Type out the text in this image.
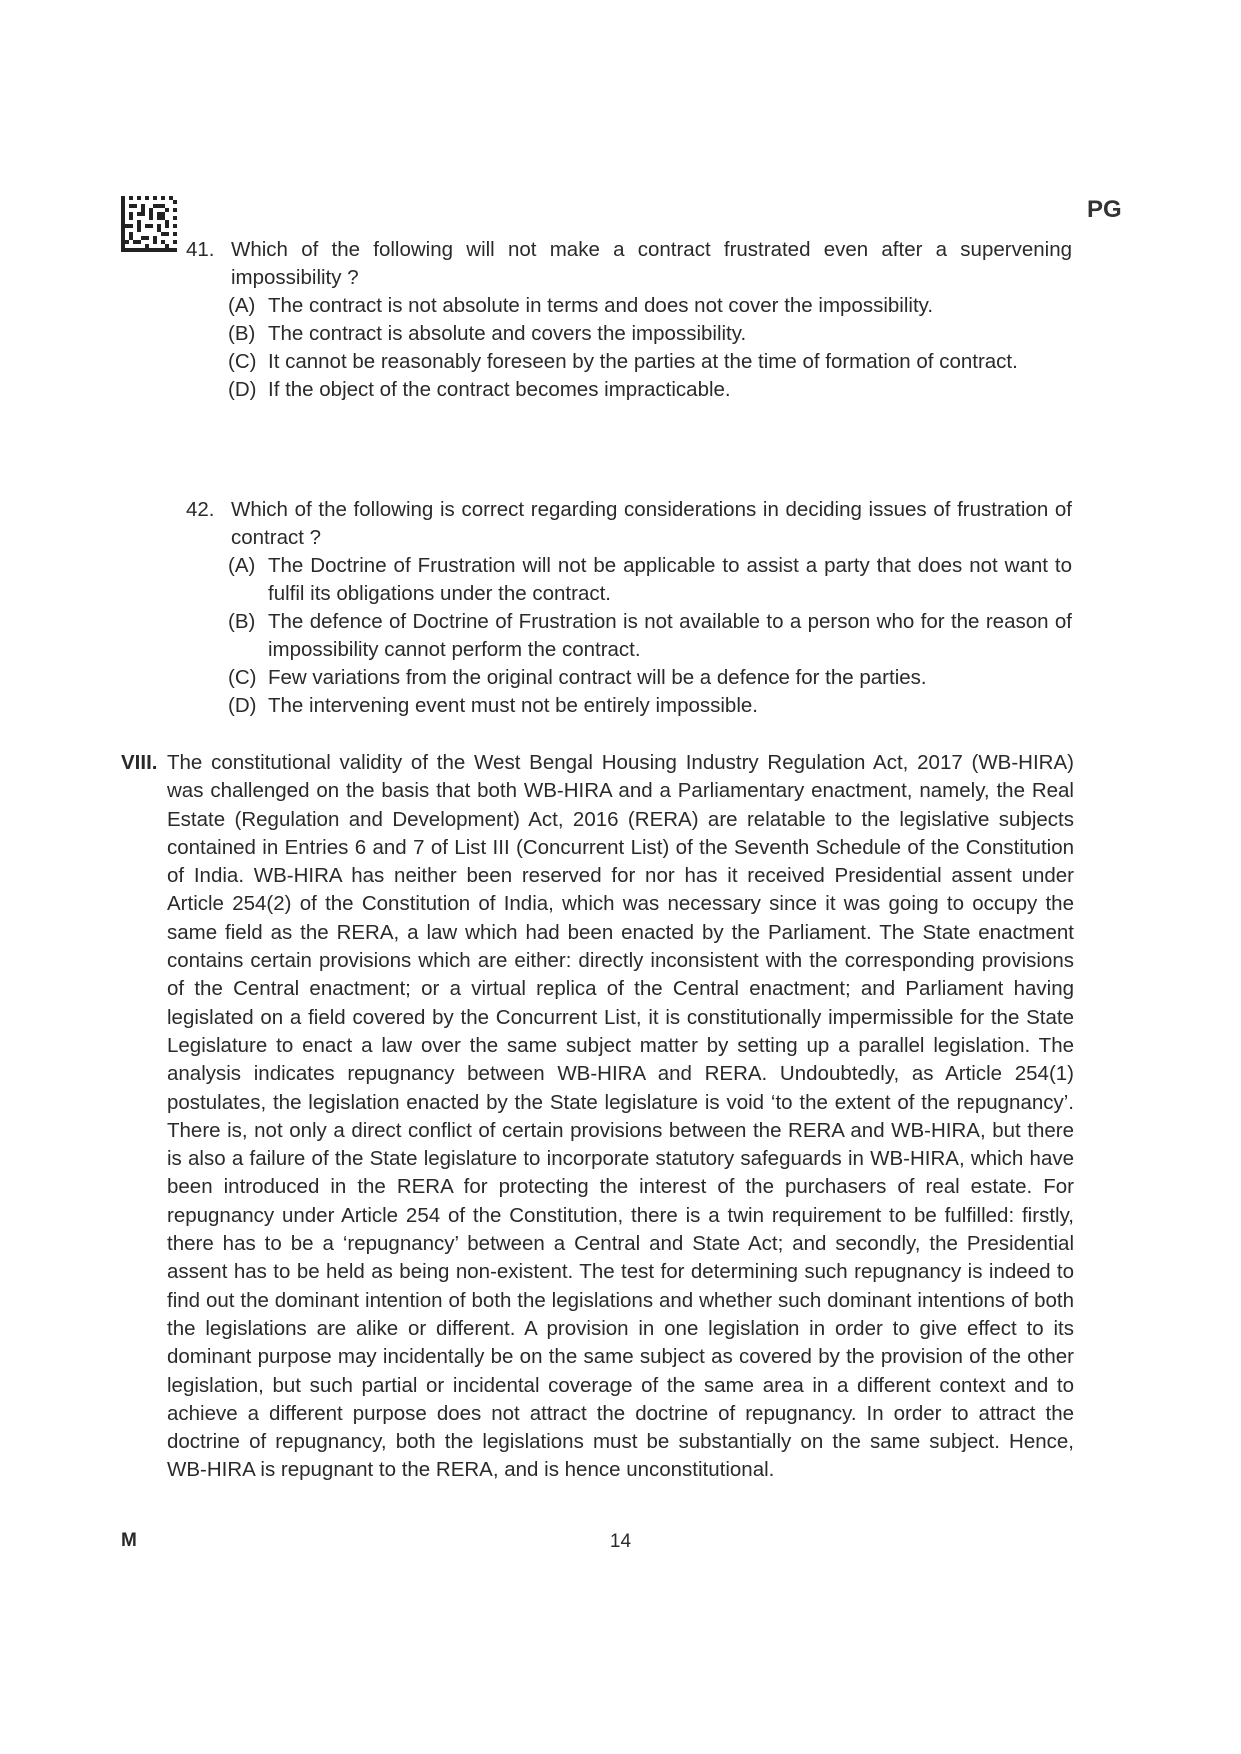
PG
41. Which of the following will not make a contract frustrated even after a supervening impossibility ?
(A) The contract is not absolute in terms and does not cover the impossibility.
(B) The contract is absolute and covers the impossibility.
(C) It cannot be reasonably foreseen by the parties at the time of formation of contract.
(D) If the object of the contract becomes impracticable.
42. Which of the following is correct regarding considerations in deciding issues of frustration of contract ?
(A) The Doctrine of Frustration will not be applicable to assist a party that does not want to fulfil its obligations under the contract.
(B) The defence of Doctrine of Frustration is not available to a person who for the reason of impossibility cannot perform the contract.
(C) Few variations from the original contract will be a defence for the parties.
(D) The intervening event must not be entirely impossible.
VIII. The constitutional validity of the West Bengal Housing Industry Regulation Act, 2017 (WB-HIRA) was challenged on the basis that both WB-HIRA and a Parliamentary enactment, namely, the Real Estate (Regulation and Development) Act, 2016 (RERA) are relatable to the legislative subjects contained in Entries 6 and 7 of List III (Concurrent List) of the Seventh Schedule of the Constitution of India. WB-HIRA has neither been reserved for nor has it received Presidential assent under Article 254(2) of the Constitution of India, which was necessary since it was going to occupy the same field as the RERA, a law which had been enacted by the Parliament. The State enactment contains certain provisions which are either: directly inconsistent with the corresponding provisions of the Central enactment; or a virtual replica of the Central enactment; and Parliament having legislated on a field covered by the Concurrent List, it is constitutionally impermissible for the State Legislature to enact a law over the same subject matter by setting up a parallel legislation. The analysis indicates repugnancy between WB-HIRA and RERA. Undoubtedly, as Article 254(1) postulates, the legislation enacted by the State legislature is void ‘to the extent of the repugnancy’. There is, not only a direct conflict of certain provisions between the RERA and WB-HIRA, but there is also a failure of the State legislature to incorporate statutory safeguards in WB-HIRA, which have been introduced in the RERA for protecting the interest of the purchasers of real estate. For repugnancy under Article 254 of the Constitution, there is a twin requirement to be fulfilled: firstly, there has to be a ‘repugnancy’ between a Central and State Act; and secondly, the Presidential assent has to be held as being non-existent. The test for determining such repugnancy is indeed to find out the dominant intention of both the legislations and whether such dominant intentions of both the legislations are alike or different. A provision in one legislation in order to give effect to its dominant purpose may incidentally be on the same subject as covered by the provision of the other legislation, but such partial or incidental coverage of the same area in a different context and to achieve a different purpose does not attract the doctrine of repugnancy. In order to attract the doctrine of repugnancy, both the legislations must be substantially on the same subject. Hence, WB-HIRA is repugnant to the RERA, and is hence unconstitutional.
M	14
